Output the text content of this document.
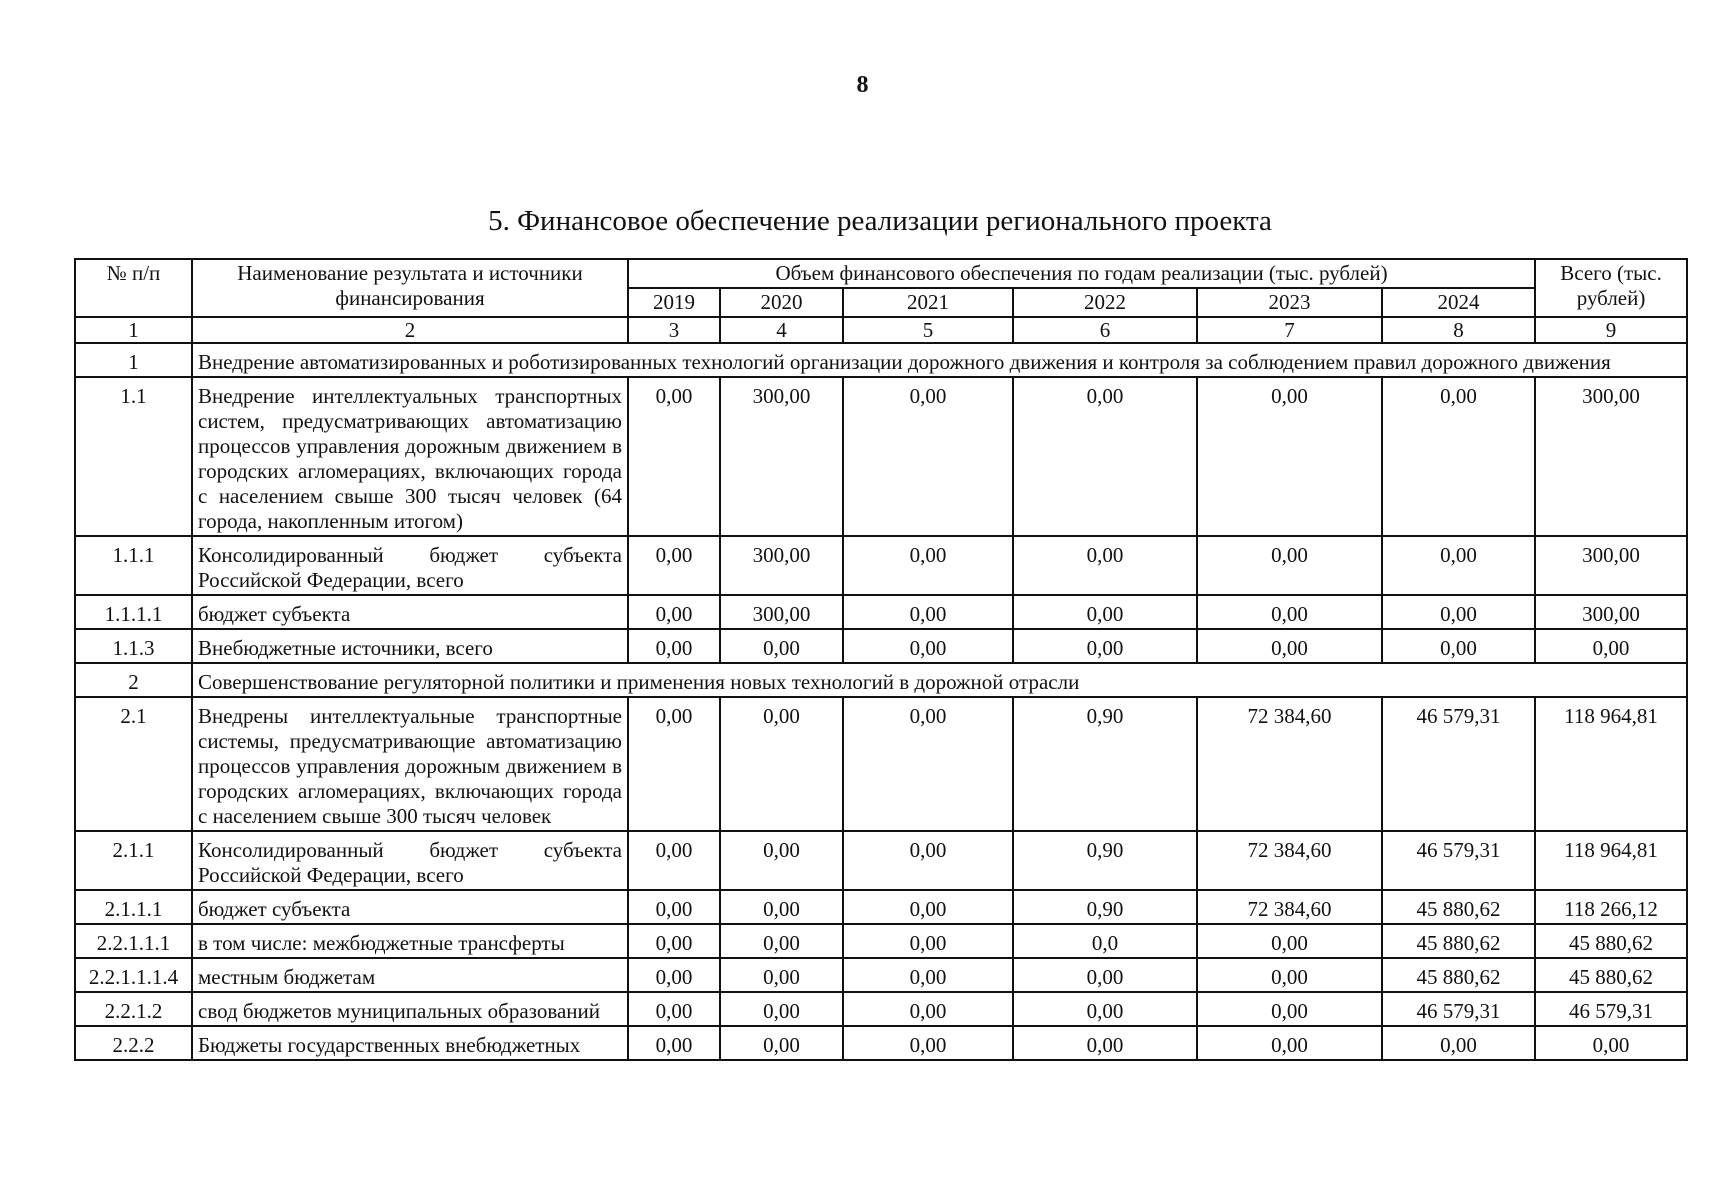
8
5. Финансовое обеспечение реализации регионального проекта
№ п/п	Наименование результата и источники финансирования	Объем финансового обеспечения по годам реализации (тыс. рублей)						Всего (тыс. рублей)
		2019	2020	2021	2022	2023	2024	
1	2	3	4	5	6	7	8	9
1	Внедрение автоматизированных и роботизированных технологий организации дорожного движения и контроля за соблюдением правил дорожного движения							
1.1	Внедрение интеллектуальных транспортных систем, предусматривающих автоматизацию процессов управления дорожным движением в городских агломерациях, включающих города с населением свыше 300 тысяч человек (64 города, накопленным итогом)	0,00	300,00	0,00	0,00	0,00	0,00	300,00
1.1.1	Консолидированный бюджет субъекта Российской Федерации, всего	0,00	300,00	0,00	0,00	0,00	0,00	300,00
1.1.1.1	бюджет субъекта	0,00	300,00	0,00	0,00	0,00	0,00	300,00
1.1.3	Внебюджетные источники, всего	0,00	0,00	0,00	0,00	0,00	0,00	0,00
2	Совершенствование регуляторной политики и применения новых технологий в дорожной отрасли							
2.1	Внедрены интеллектуальные транспортные системы, предусматривающие автоматизацию процессов управления дорожным движением в городских агломерациях, включающих города с населением свыше 300 тысяч человек	0,00	0,00	0,00	0,90	72 384,60	46 579,31	118 964,81
2.1.1	Консолидированный бюджет субъекта Российской Федерации, всего	0,00	0,00	0,00	0,90	72 384,60	46 579,31	118 964,81
2.1.1.1	бюджет субъекта	0,00	0,00	0,00	0,90	72 384,60	45 880,62	118 266,12
2.2.1.1.1	в том числе: межбюджетные трансферты	0,00	0,00	0,00	0,0	0,00	45 880,62	45 880,62
2.2.1.1.1.4	местным бюджетам	0,00	0,00	0,00	0,00	0,00	45 880,62	45 880,62
2.2.1.2	свод бюджетов муниципальных образований	0,00	0,00	0,00	0,00	0,00	46 579,31	46 579,31
2.2.2	Бюджеты государственных внебюджетных	0,00	0,00	0,00	0,00	0,00	0,00	0,00
